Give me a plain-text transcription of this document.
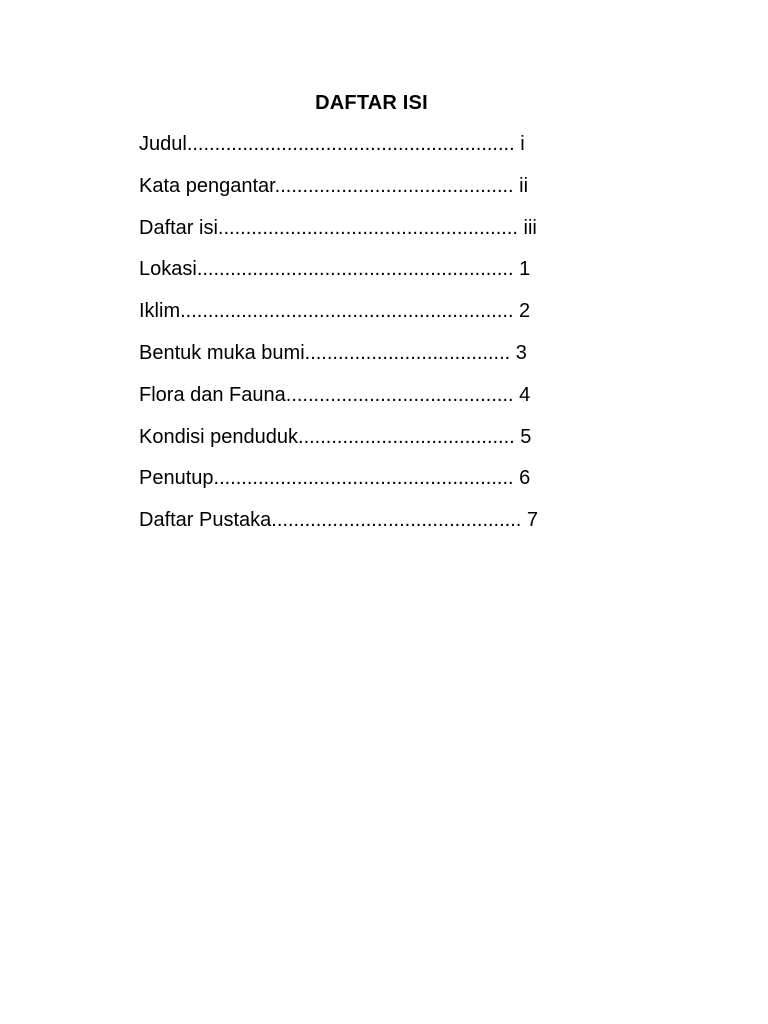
DAFTAR ISI
Judul........................................................... i
Kata pengantar........................................... ii
Daftar isi...................................................... iii
Lokasi......................................................... 1
Iklim............................................................ 2
Bentuk muka bumi..................................... 3
Flora dan Fauna......................................... 4
Kondisi penduduk....................................... 5
Penutup...................................................... 6
Daftar Pustaka............................................. 7
